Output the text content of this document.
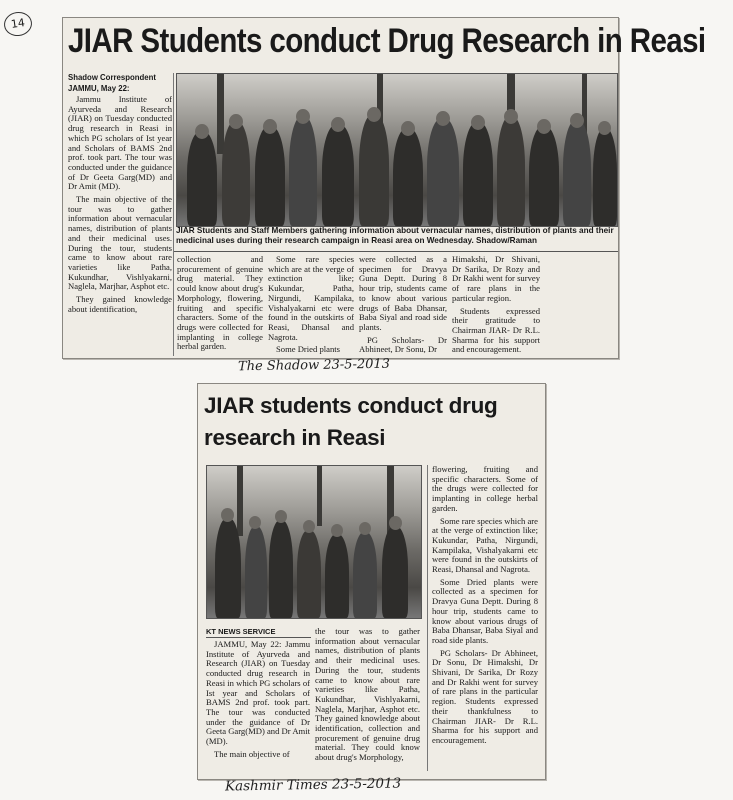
14 JIAR Students conduct Drug Research in Reasi
Shadow Correspondent
JAMMU, May 22:

Jammu Institute of Ayurveda and Research (JIAR) on Tuesday conducted drug research in Reasi in which PG scholars of Ist year and Scholars of BAMS 2nd prof. took part. The tour was conducted under the guidance of Dr Geeta Garg(MD) and Dr Amit (MD).

The main objective of the tour was to gather information about vernacular names, distribution of plants and their medicinal uses. During the tour, students came to know about rare varieties like Patha, Kukundhar, Vishlyakarni, Naglela, Marjhar, Asphot etc.

They gained knowledge about identification,

JIAR Students and Staff Members gathering information about vernacular names, distribution of plants and their medicinal uses during their research campaign in Reasi area on Wednesday. Shadow/Raman

collection and procurement of genuine drug material. They could know about drug's Morphology, flowering, fruiting and specific characters. Some of the drugs were collected for implanting in college herbal garden.

Some rare species which are at the verge of extinction like; Kukundar, Patha, Nirgundi, Kampilaka, Vishalyakarni etc were found in the outskirts of Reasi, Dhansal and Nagrota.

Some Dried plants

were collected as a specimen for Dravya Guna Deptt. During 8 hour trip, students came to know about various drugs of Baba Dhansar, Baba Siyal and road side plants.

PG Scholars- Dr Abhineet, Dr Sonu, Dr

Himakshi, Dr Shivani, Dr Sarika, Dr Rozy and Dr Rakhi went for survey of rare plans in the particular region.

Students expressed their gratitude to Chairman JIAR- Dr R.L. Sharma for his support and encouragement.

The Shadow 23-5-2013
JIAR students conduct drug research in Reasi
KT NEWS SERVICE

JAMMU, May 22: Jammu Institute of Ayurveda and Research (JIAR) on Tuesday conducted drug research in Reasi in which PG scholars of Ist year and Scholars of BAMS 2nd prof. took part. The tour was conducted under the guidance of Dr Geeta Garg(MD) and Dr Amit (MD).

The main objective of

the tour was to gather information about vernacular names, distribution of plants and their medicinal uses. During the tour, students came to know about rare varieties like Patha, Kukundhar, Vishlyakarni, Naglela, Marjhar, Asphot etc. They gained knowledge about identification, collection and procurement of genuine drug material. They could know about drug's Morphology,

flowering, fruiting and specific characters. Some of the drugs were collected for implanting in college herbal garden.

Some rare species which are at the verge of extinction like; Kukundar, Patha, Nirgundi, Kampilaka, Vishalyakarni etc were found in the outskirts of Reasi, Dhansal and Nagrota.

Some Dried plants were collected as a specimen for Dravya Guna Deptt. During 8 hour trip, students came to know about various drugs of Baba Dhansar, Baba Siyal and road side plants.

PG Scholars- Dr Abhineet, Dr Sonu, Dr Himakshi, Dr Shivani, Dr Sarika, Dr Rozy and Dr Rakhi went for survey of rare plans in the particular region. Students expressed their thankfulness to Chairman JIAR- Dr R.L. Sharma for his support and encouragement.

Kashmir Times 23-5-2013
